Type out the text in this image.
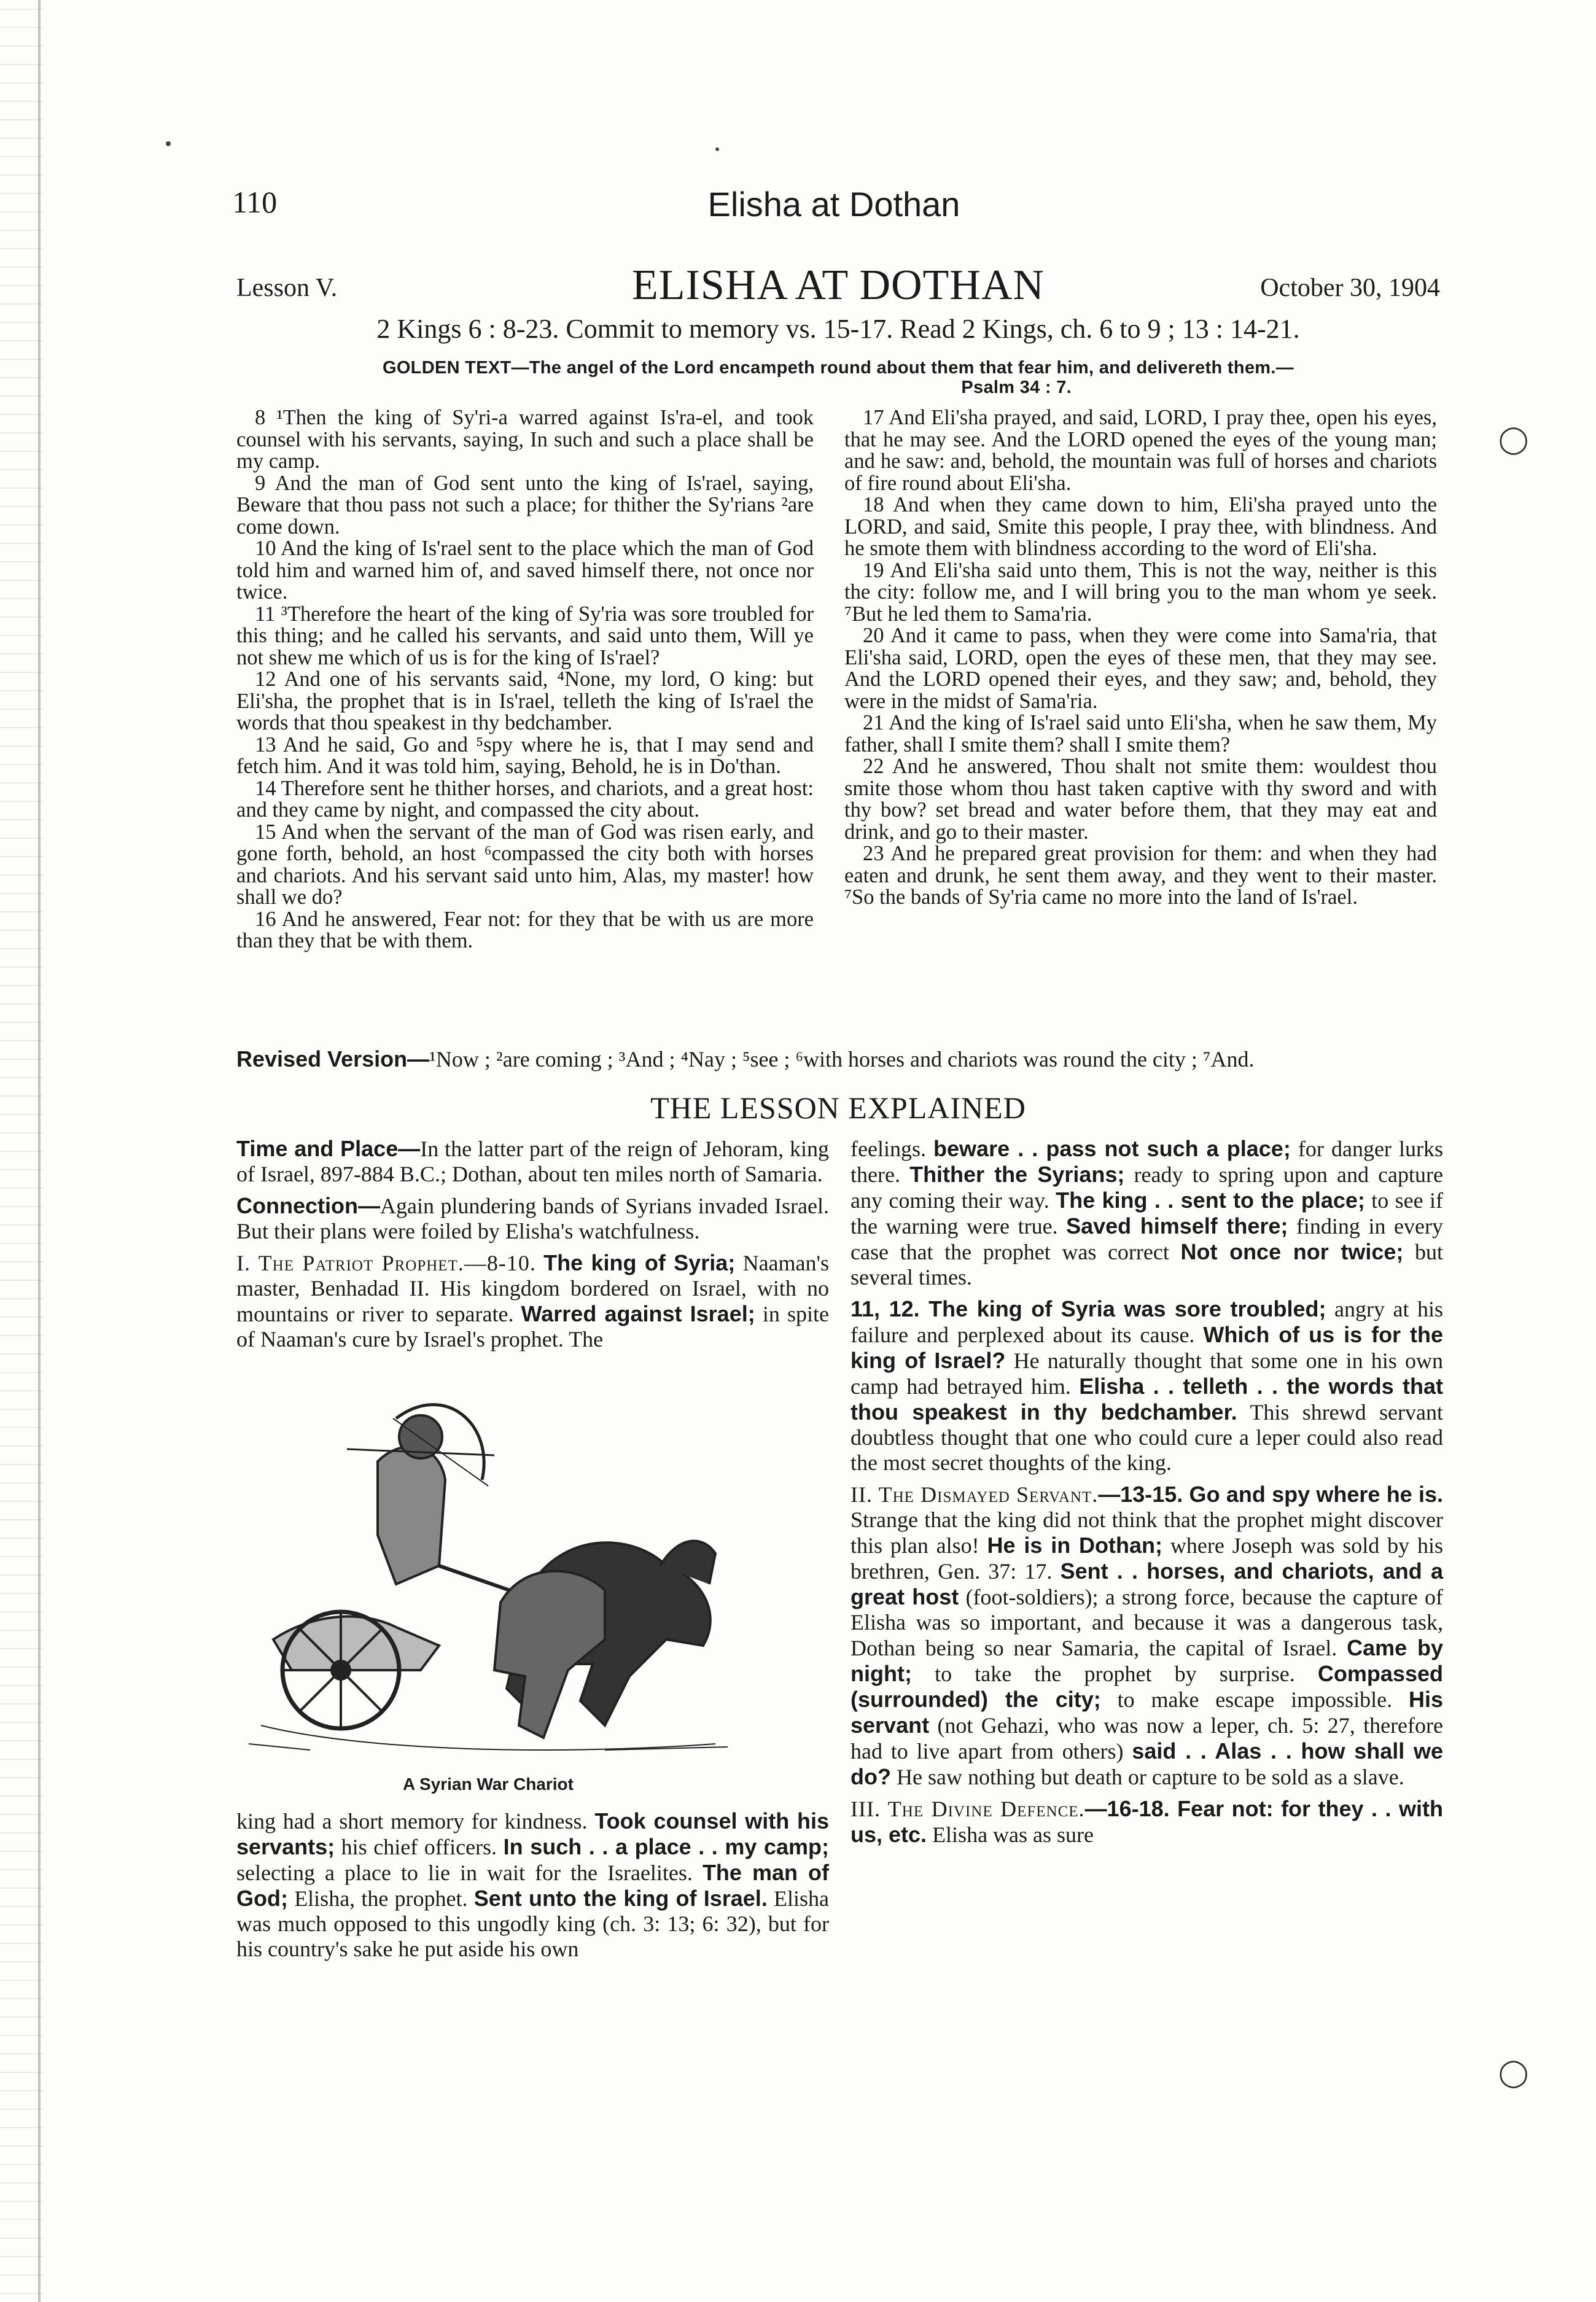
110	Elisha at Dothan
Lesson V.	ELISHA AT DOTHAN	October 30, 1904
2 Kings 6 : 8-23. Commit to memory vs. 15-17. Read 2 Kings, ch. 6 to 9 ; 13 : 14-21.
GOLDEN TEXT—The angel of the Lord encampeth round about them that fear him, and delivereth them.—
Psalm 34 : 7.

8 ¹Then the king of Sy'ri-a warred against Is'ra-el, and took counsel with his servants, saying, In such and such a place shall be my camp.

9 And the man of God sent unto the king of Is'rael, saying, Beware that thou pass not such a place; for thither the Sy'rians ²are come down.

10 And the king of Is'rael sent to the place which the man of God told him and warned him of, and saved himself there, not once nor twice.

11 ³Therefore the heart of the king of Sy'ria was sore troubled for this thing; and he called his servants, and said unto them, Will ye not shew me which of us is for the king of Is'rael?

12 And one of his servants said, ⁴None, my lord, O king: but Eli'sha, the prophet that is in Is'rael, telleth the king of Is'rael the words that thou speakest in thy bedchamber.

13 And he said, Go and ⁵spy where he is, that I may send and fetch him. And it was told him, saying, Behold, he is in Do'than.

14 Therefore sent he thither horses, and chariots, and a great host: and they came by night, and compassed the city about.

15 And when the servant of the man of God was risen early, and gone forth, behold, an host ⁶compassed the city both with horses and chariots. And his servant said unto him, Alas, my master! how shall we do?

16 And he answered, Fear not: for they that be with us are more than they that be with them.

17 And Eli'sha prayed, and said, LORD, I pray thee, open his eyes, that he may see. And the LORD opened the eyes of the young man; and he saw: and, behold, the mountain was full of horses and chariots of fire round about Eli'sha.

18 And when they came down to him, Eli'sha prayed unto the LORD, and said, Smite this people, I pray thee, with blindness. And he smote them with blindness according to the word of Eli'sha.

19 And Eli'sha said unto them, This is not the way, neither is this the city: follow me, and I will bring you to the man whom ye seek. ⁷But he led them to Sama'ria.

20 And it came to pass, when they were come into Sama'ria, that Eli'sha said, LORD, open the eyes of these men, that they may see. And the LORD opened their eyes, and they saw; and, behold, they were in the midst of Sama'ria.

21 And the king of Is'rael said unto Eli'sha, when he saw them, My father, shall I smite them? shall I smite them?

22 And he answered, Thou shalt not smite them: wouldest thou smite those whom thou hast taken captive with thy sword and with thy bow? set bread and water before them, that they may eat and drink, and go to their master.

23 And he prepared great provision for them: and when they had eaten and drunk, he sent them away, and they went to their master. ⁷So the bands of Sy'ria came no more into the land of Is'rael.

Revised Version—¹Now ; ²are coming ; ³And ; ⁴Nay ; ⁵see ; ⁶with horses and chariots was round the city ; ⁷And.
THE LESSON EXPLAINED

Time and Place—In the latter part of the reign of Jehoram, king of Israel, 897-884 B.C.; Dothan, about ten miles north of Samaria.

Connection—Again plundering bands of Syrians invaded Israel. But their plans were foiled by Elisha's watchfulness.

I. The Patriot Prophet.—8-10. The king of Syria; Naaman's master, Benhadad II. His kingdom bordered on Israel, with no mountains or river to separate. Warred against Israel; in spite of Naaman's cure by Israel's prophet. The

A Syrian War Chariot
king had a short memory for kindness. Took counsel with his servants; his chief officers. In such . . a place . . my camp; selecting a place to lie in wait for the Israelites. The man of God; Elisha, the prophet. Sent unto the king of Israel. Elisha was much opposed to this ungodly king (ch. 3: 13; 6: 32), but for his country's sake he put aside his own

feelings. beware . . pass not such a place; for danger lurks there. Thither the Syrians; ready to spring upon and capture any coming their way. The king . . sent to the place; to see if the warning were true. Saved himself there; finding in every case that the prophet was correct Not once nor twice; but several times.

11, 12. The king of Syria was sore troubled; angry at his failure and perplexed about its cause. Which of us is for the king of Israel? He naturally thought that some one in his own camp had betrayed him. Elisha . . telleth . . the words that thou speakest in thy bedchamber. This shrewd servant doubtless thought that one who could cure a leper could also read the most secret thoughts of the king.

II. The Dismayed Servant.—13-15. Go and spy where he is. Strange that the king did not think that the prophet might discover this plan also! He is in Dothan; where Joseph was sold by his brethren, Gen. 37: 17. Sent . . horses, and chariots, and a great host (foot-soldiers); a strong force, because the capture of Elisha was so important, and because it was a dangerous task, Dothan being so near Samaria, the capital of Israel. Came by night; to take the prophet by surprise. Compassed (surrounded) the city; to make escape impossible. His servant (not Gehazi, who was now a leper, ch. 5: 27, therefore had to live apart from others) said . . Alas . . how shall we do? He saw nothing but death or capture to be sold as a slave.

III. The Divine Defence.—16-18. Fear not: for they . . with us, etc. Elisha was as sure

◯
◯
